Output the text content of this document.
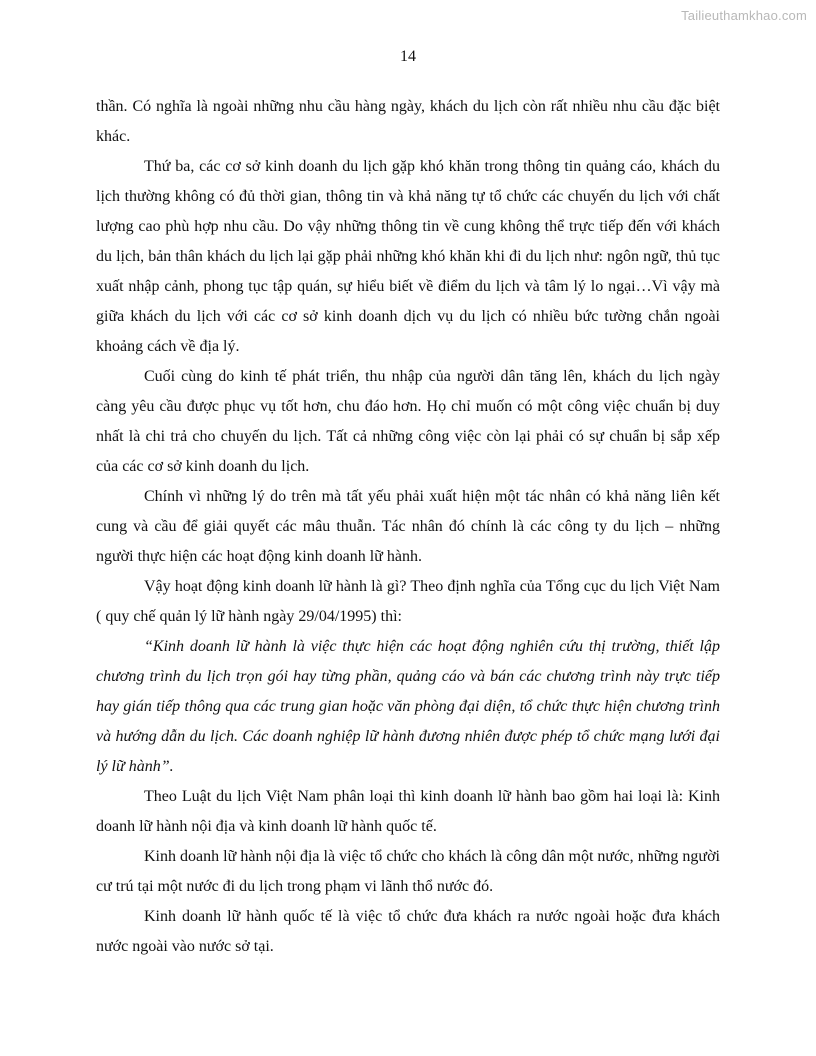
Tailieuthamkhao.com
14

thần. Có nghĩa là ngoài những nhu cầu hàng ngày, khách du lịch còn rất nhiều nhu cầu đặc biệt khác.

Thứ ba, các cơ sở kinh doanh du lịch gặp khó khăn trong thông tin quảng cáo, khách du lịch thường không có đủ thời gian, thông tin và khả năng tự tổ chức các chuyến du lịch với chất lượng cao phù hợp nhu cầu. Do vậy những thông tin về cung không thể trực tiếp đến với khách du lịch, bản thân khách du lịch lại gặp phải những khó khăn khi đi du lịch như: ngôn ngữ, thủ tục xuất nhập cảnh, phong tục tập quán, sự hiểu biết về điểm du lịch và tâm lý lo ngại…Vì vậy mà giữa khách du lịch với các cơ sở kinh doanh dịch vụ du lịch có nhiều bức tường chắn ngoài khoảng cách về địa lý.

Cuối cùng do kinh tế phát triển, thu nhập của người dân tăng lên, khách du lịch ngày càng yêu cầu được phục vụ tốt hơn, chu đáo hơn. Họ chỉ muốn có một công việc chuẩn bị duy nhất là chi trả cho chuyến du lịch. Tất cả những công việc còn lại phải có sự chuẩn bị sắp xếp của các cơ sở kinh doanh du lịch.

Chính vì những lý do trên mà tất yếu phải xuất hiện một tác nhân có khả năng liên kết cung và cầu để giải quyết các mâu thuẫn. Tác nhân đó chính là các công ty du lịch – những người thực hiện các hoạt động kinh doanh lữ hành.

Vậy hoạt động kinh doanh lữ hành là gì? Theo định nghĩa của Tổng cục du lịch Việt Nam ( quy chế quản lý lữ hành ngày 29/04/1995) thì:

“Kinh doanh lữ hành là việc thực hiện các hoạt động nghiên cứu thị trường, thiết lập chương trình du lịch trọn gói hay từng phần, quảng cáo và bán các chương trình này trực tiếp hay gián tiếp thông qua các trung gian hoặc văn phòng đại diện, tổ chức thực hiện chương trình và hướng dẫn du lịch. Các doanh nghiệp lữ hành đương nhiên được phép tổ chức mạng lưới đại lý lữ hành”.

Theo Luật du lịch Việt Nam phân loại thì kinh doanh lữ hành bao gồm hai loại là: Kinh doanh lữ hành nội địa và kinh doanh lữ hành quốc tế.

Kinh doanh lữ hành nội địa là việc tổ chức cho khách là công dân một nước, những người cư trú tại một nước đi du lịch trong phạm vi lãnh thổ nước đó.

Kinh doanh lữ hành quốc tế là việc tổ chức đưa khách ra nước ngoài hoặc đưa khách nước ngoài vào nước sở tại.
